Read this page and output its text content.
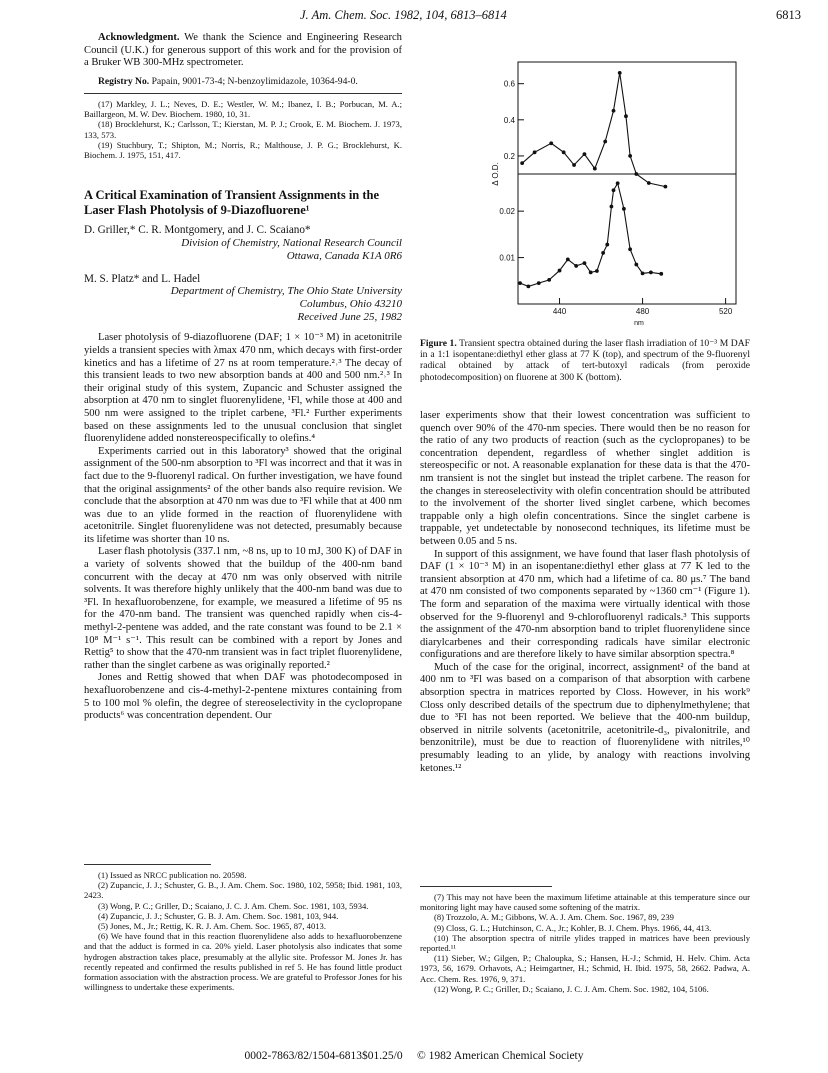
J. Am. Chem. Soc. 1982, 104, 6813–6814	6813

Acknowledgment. We thank the Science and Engineering Research Council (U.K.) for generous support of this work and for the provision of a Bruker WB 300-MHz spectrometer.

Registry No. Papain, 9001-73-4; N-benzoylimidazole, 10364-94-0.

(17) Markley, J. L.; Neves, D. E.; Westler, W. M.; Ibanez, I. B.; Porbucan, M. A.; Baillargeon, M. W. Dev. Biochem. 1980, 10, 31.

(18) Brocklehurst, K.; Carlsson, T.; Kierstan, M. P. J.; Crook, E. M. Biochem. J. 1973, 133, 573.

(19) Stuchbury, T.; Shipton, M.; Norris, R.; Malthouse, J. P. G.; Brocklehurst, K. Biochem. J. 1975, 151, 417.

A Critical Examination of Transient Assignments in the Laser Flash Photolysis of 9-Diazofluorene¹

D. Griller,* C. R. Montgomery, and J. C. Scaiano*

Division of Chemistry, National Research Council

Ottawa, Canada K1A 0R6

M. S. Platz* and L. Hadel

Department of Chemistry, The Ohio State University

Columbus, Ohio 43210

Received June 25, 1982

Laser photolysis of 9-diazofluorene (DAF; 1 × 10⁻³ M) in acetonitrile yields a transient species with λmax 470 nm, which decays with first-order kinetics and has a lifetime of 27 ns at room temperature.²˒³ The decay of this transient leads to two new absorption bands at 400 and 500 nm.²˒³ In their original study of this system, Zupancic and Schuster assigned the absorption at 470 nm to singlet fluorenylidene, ¹Fl, while those at 400 and 500 nm were assigned to the triplet carbene, ³Fl.² Further experiments based on these assignments led to the unusual conclusion that singlet fluorenylidene added nonstereospecifically to olefins.⁴

Experiments carried out in this laboratory³ showed that the original assignment of the 500-nm absorption to ³Fl was incorrect and that it was in fact due to the 9-fluorenyl radical. On further investigation, we have found that the original assignments² of the other bands also require revision. We conclude that the absorption at 470 nm was due to ³Fl while that at 400 nm was due to an ylide formed in the reaction of fluorenylidene with acetonitrile. Singlet fluorenylidene was not detected, presumably because its lifetime was shorter than 10 ns.

Laser flash photolysis (337.1 nm, ~8 ns, up to 10 mJ, 300 K) of DAF in a variety of solvents showed that the buildup of the 400-nm band concurrent with the decay at 470 nm was only observed with nitrile solvents. It was therefore highly unlikely that the 400-nm band was due to ³Fl. In hexafluorobenzene, for example, we measured a lifetime of 95 ns for the 470-nm band. The transient was quenched rapidly when cis-4-methyl-2-pentene was added, and the rate constant was found to be 2.1 × 10⁸ M⁻¹ s⁻¹. This result can be combined with a report by Jones and Rettig⁵ to show that the 470-nm transient was in fact triplet fluorenylidene, rather than the singlet carbene as was originally reported.²

Jones and Rettig showed that when DAF was photodecomposed in hexafluorobenzene and cis-4-methyl-2-pentene mixtures containing from 5 to 100 mol % olefin, the degree of stereoselectivity in the cyclopropane products⁶ was concentration dependent. Our

(1) Issued as NRCC publication no. 20598.

(2) Zupancic, J. J.; Schuster, G. B., J. Am. Chem. Soc. 1980, 102, 5958; Ibid. 1981, 103, 2423.

(3) Wong, P. C.; Griller, D.; Scaiano, J. C. J. Am. Chem. Soc. 1981, 103, 5934.

(4) Zupancic, J. J.; Schuster, G. B. J. Am. Chem. Soc. 1981, 103, 944.

(5) Jones, M., Jr.; Rettig, K. R. J. Am. Chem. Soc. 1965, 87, 4013.

(6) We have found that in this reaction fluorenylidene also adds to hexafluorobenzene and that the adduct is formed in ca. 20% yield. Laser photolysis also indicates that some hydrogen abstraction takes place, presumably at the allylic site. Professor M. Jones Jr. has recently repeated and confirmed the results published in ref 5. He has found little product formation association with the abstraction process. We are grateful to Professor Jones for his willingness to undertake these experiments.

0.2
0.4
0.6
0.01
0.02
440	480	520
nm
Δ O.D.

Figure 1. Transient spectra obtained during the laser flash irradiation of 10⁻³ M DAF in a 1:1 isopentane:diethyl ether glass at 77 K (top), and spectrum of the 9-fluorenyl radical obtained by attack of tert-butoxyl radicals (from peroxide photodecomposition) on fluorene at 300 K (bottom).

laser experiments show that their lowest concentration was sufficient to quench over 90% of the 470-nm species. There would then be no reason for the ratio of any two products of reaction (such as the cyclopropanes) to be concentration dependent, regardless of whether singlet addition is stereospecific or not. A reasonable explanation for these data is that the 470-nm transient is not the singlet but instead the triplet carbene. The reason for the changes in stereoselectivity with olefin concentration should be attributed to the involvement of the shorter lived singlet carbene, which becomes trappable only a high olefin concentrations. Since the singlet carbene is trappable, yet undetectable by nonosecond techniques, its lifetime must be between 0.05 and 5 ns.

In support of this assignment, we have found that laser flash photolysis of DAF (1 × 10⁻³ M) in an isopentane:diethyl ether glass at 77 K led to the transient absorption at 470 nm, which had a lifetime of ca. 80 μs.⁷ The band at 470 nm consisted of two components separated by ~1360 cm⁻¹ (Figure 1). The form and separation of the maxima were virtually identical with those observed for the 9-fluorenyl and 9-chlorofluorenyl radicals.³ This supports the assignment of the 470-nm absorption band to triplet fluorenylidene since diarylcarbenes and their corresponding radicals have similar electronic configurations and are therefore likely to have similar absorption spectra.⁸

Much of the case for the original, incorrect, assignment² of the band at 400 nm to ³Fl was based on a comparison of that absorption with carbene absorption spectra in matrices reported by Closs. However, in his work⁹ Closs only described details of the spectrum due to diphenylmethylene; that due to ³Fl has not been reported. We believe that the 400-nm buildup, observed in nitrile solvents (acetonitrile, acetonitrile-d₃, pivalonitrile, and benzonitrile), must be due to reaction of fluorenylidene with nitriles,¹⁰ presumably leading to an ylide, by analogy with reactions involving ketones.¹²

(7) This may not have been the maximum lifetime attainable at this temperature since our monitoring light may have caused some softening of the matrix.

(8) Trozzolo, A. M.; Gibbons, W. A. J. Am. Chem. Soc. 1967, 89, 239

(9) Closs, G. L.; Hutchinson, C. A., Jr.; Kohler, B. J. Chem. Phys. 1966, 44, 413.

(10) The absorption spectra of nitrile ylides trapped in matrices have been previously reported.¹¹

(11) Sieber, W.; Gilgen, P.; Chaloupka, S.; Hansen, H.-J.; Schmid, H. Helv. Chim. Acta 1973, 56, 1679. Orhavots, A.; Heimgartner, H.; Schmid, H. Ibid. 1975, 58, 2662. Padwa, A. Acc. Chem. Res. 1976, 9, 371.

(12) Wong, P. C.; Griller, D.; Scaiano, J. C. J. Am. Chem. Soc. 1982, 104, 5106.

0002-7863/82/1504-6813$01.25/0 © 1982 American Chemical Society
